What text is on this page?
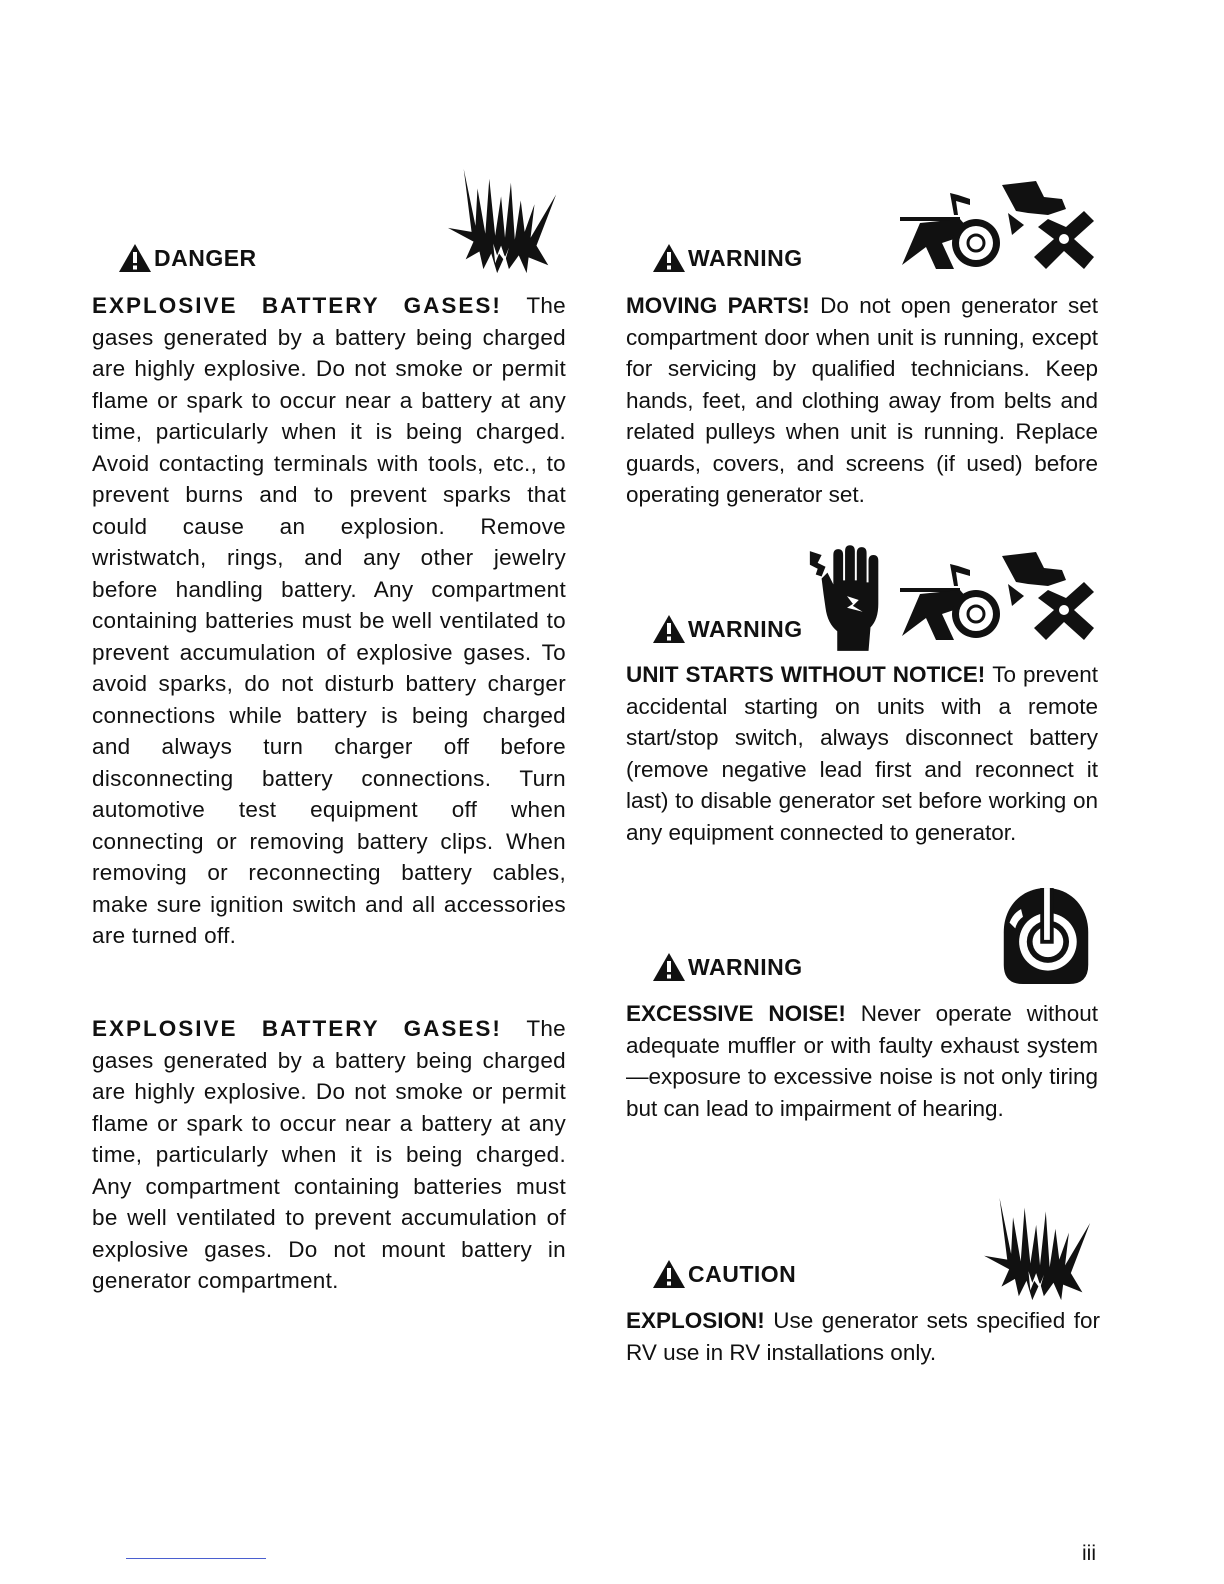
DANGER

EXPLOSIVE BATTERY GASES! The gases generated by a battery being charged are highly explosive. Do not smoke or permit flame or spark to occur near a battery at any time, particularly when it is being charged. Avoid contacting terminals with tools, etc., to prevent burns and to prevent sparks that could cause an explosion. Remove wristwatch, rings, and any other jewelry before handling battery. Any compartment containing batteries must be well ventilated to prevent accumulation of explosive gases. To avoid sparks, do not disturb battery charger connections while battery is being charged and always turn charger off before disconnecting battery connections. Turn automotive test equipment off when connecting or removing battery clips. When removing or reconnecting battery cables, make sure ignition switch and all accessories are turned off.

EXPLOSIVE BATTERY GASES! The gases generated by a battery being charged are highly explosive. Do not smoke or permit flame or spark to occur near a battery at any time, particularly when it is being charged. Any compartment containing batteries must be well ventilated to prevent accumulation of explosive gases. Do not mount battery in generator compartment.

WARNING

MOVING PARTS! Do not open generator set compartment door when unit is running, except for servicing by qualified technicians. Keep hands, feet, and clothing away from belts and related pulleys when unit is running. Replace guards, covers, and screens (if used) before operating generator set.

WARNING

UNIT STARTS WITHOUT NOTICE! To prevent accidental starting on units with a remote start/stop switch, always disconnect battery (remove negative lead first and reconnect it last) to disable generator set before working on any equipment connected to generator.

WARNING

EXCESSIVE NOISE! Never operate without adequate muffler or with faulty exhaust system—exposure to excessive noise is not only tiring but can lead to impairment of hearing.

CAUTION

EXPLOSION! Use generator sets specified for RV use in RV installations only.

iii
